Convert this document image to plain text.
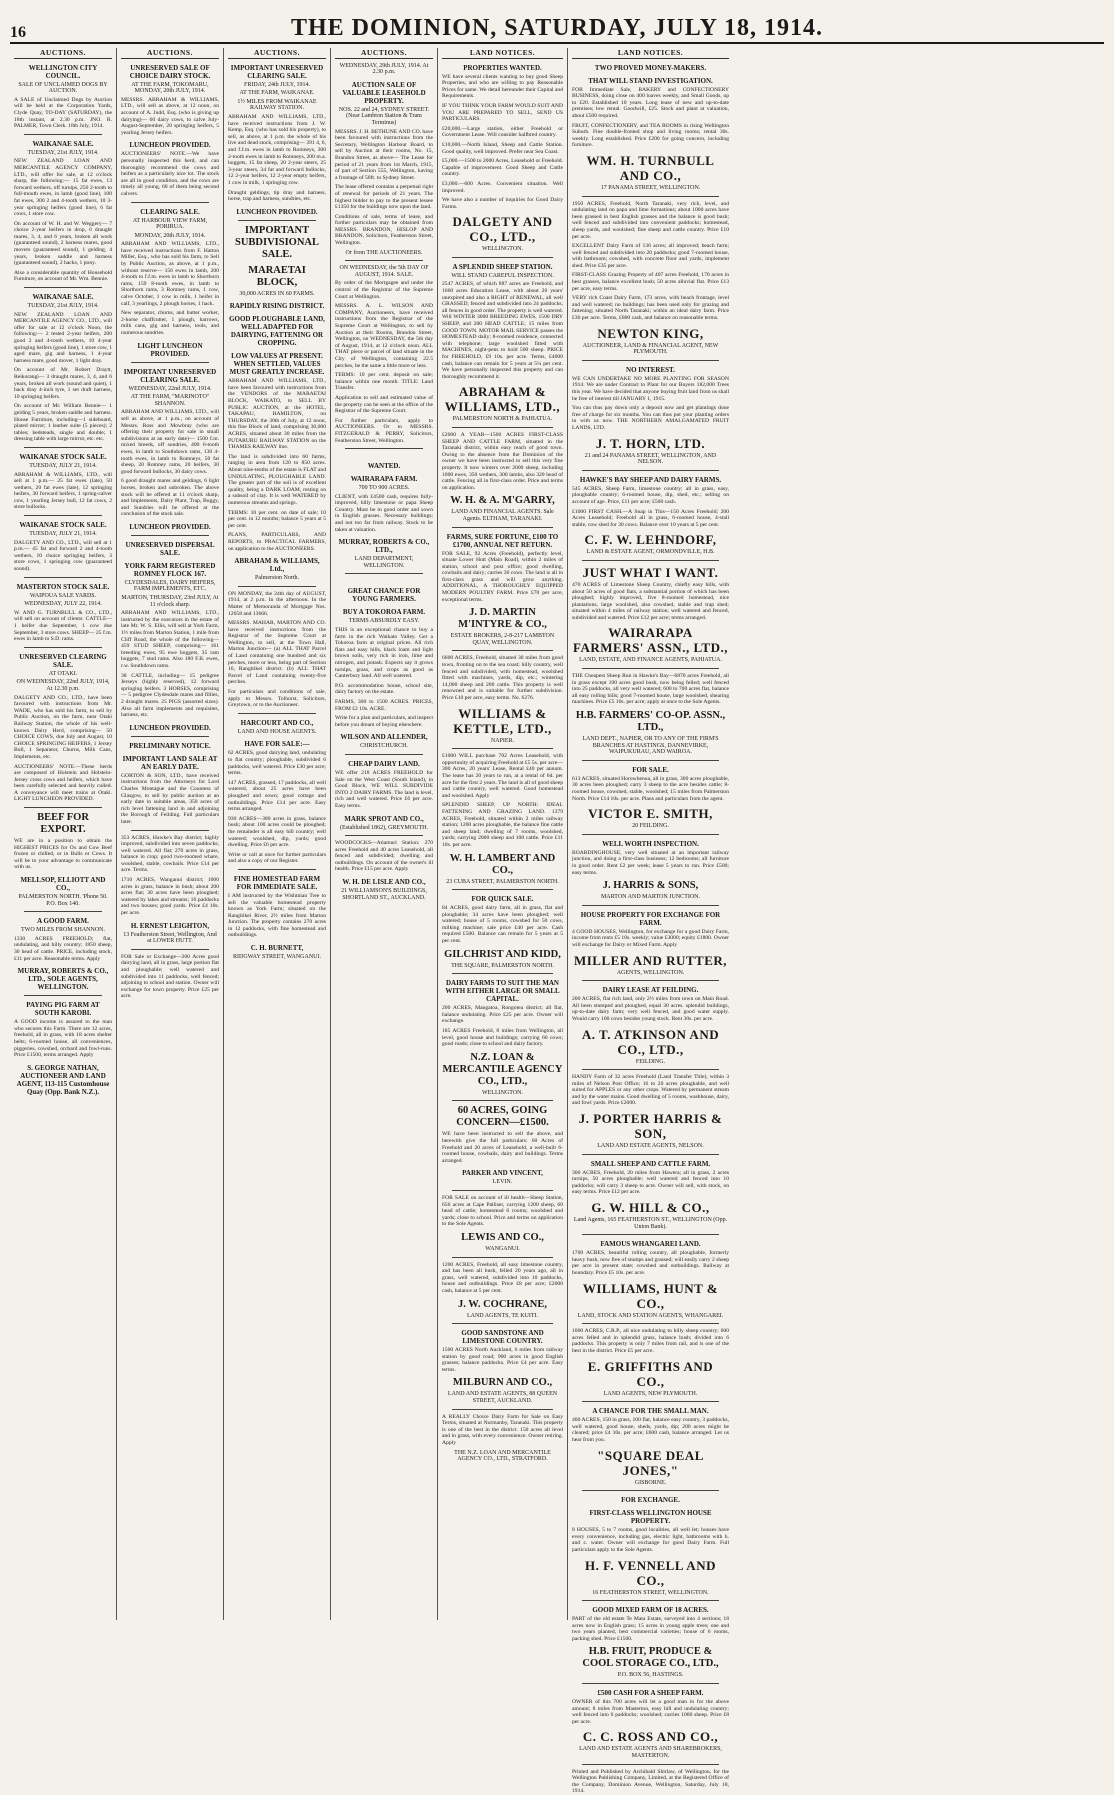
16	THE DOMINION, SATURDAY, JULY 18, 1914.
AUCTIONS.
WELLINGTON CITY COUNCIL.
SALE OF UNCLAIMED DOGS BY AUCTION.
A SALE of Unclaimed Dogs by Auction will be held at the Corporation Yards, Clyde Quay, TO-DAY (SATURDAY), the 18th instant, at 2.30 p.m. JNO. R. PALMER, Town Clerk. 18th July, 1914.
WAIKANAE SALE.
TUESDAY, 21st JULY, 1914.
NEW ZEALAND LOAN AND MERCANTILE AGENCY COMPANY, LTD., will offer for sale, at 12 o'clock sharp, the following:— 15 fat ewes, 13 forward wethers, off turnips, 250 2-tooth to full-mouth ewes, in lamb (good line), 100 fat ewes, 300 2 and 4-tooth wethers, 10 3-year springing heifers (good line), 6 fat cows, 1 store cow.
On account of W. H. and W. Weggery— 7 choice 2-year heifers in drop, 6 draught mares, 3, 4, and 6 years, broken all work (guaranteed sound), 2 harness mares, good movers (guaranteed sound), 1 gelding, 4 years, broken saddle and harness (guaranteed sound), 2 hacks, 1 pony.
Also a considerable quantity of Household Furniture, on account of Mr. Wm. Bennie.
WAIKANAE SALE.
TUESDAY, 21st JULY, 1914.
NEW ZEALAND LOAN AND MERCANTILE AGENCY CO., LTD., will offer for sale at 12 o'clock Noon, the following:— 2 tested 2-year heifers, 200 good 2 and 4-tooth wethers, 10 4-year springing heifers (good line), 1 store cow, 1 aged mare, gig and harness, 1 4-year harness mare, good mover, 1 light dray.
On account of Mr. Robert Draytt, Reikorangi— 3 draught mares, 3, 4, and 6 years, broken all work (sound and quiet), 1 back dray 4-inch tyre, 1 set draft harness, 10 springing heifers.
On account of Mr. William Bennie— 1 gelding 5 years, broken saddle and harness. House Furniture, including—1 sideboard, plated mirror; 1 leather suite (5 pieces); 2 tables; bedsteads, single and double; 1 dressing table with large mirror, etc. etc.
WAIKANAE STOCK SALE.
TUESDAY, JULY 21, 1914.
ABRAHAM & WILLIAMS, LTD., will sell at 1 p.m.— 25 fat ewes (late), 50 wethers, 20 fat ewes (late), 12 springing heifers, 30 forward heifers, 1 spring-calver cow, 1 yearling Jersey bull, 12 fat cows, 2 store bullocks.
WAIKANAE STOCK SALE.
TUESDAY, JULY 21, 1914.
DALGETY AND CO., LTD., will sell at 1 p.m.— 45 fat and forward 2 and 4-tooth wethers, 10 choice springing heifers, 3 store cows, 1 springing cow (guaranteed sound).
MASTERTON STOCK SALE.
WAIPOUA SALE YARDS.
WEDNESDAY, JULY 22, 1914.
W. AND G. TURNBULL & CO., LTD., will sell on account of clients: CATTLE— 1 heifer due September, 1 cow due September, 3 store cows. SHEEP— 25 f.m. ewes in lamb to S.D. rams.
UNRESERVED CLEARING SALE.
AT OTAKI.
ON WEDNESDAY, 22nd JULY, 1914, At 12.30 p.m.
DALGETY AND CO., LTD., have been favoured with instructions from Mr. WADE, who has sold his farm, to sell by Public Auction, on the farm, near Otaki Railway Station, the whole of his well-known Dairy Herd, comprising— 50 CHOICE COWS, due July and August, 10 CHOICE SPRINGING HEIFERS, 1 Jersey Bull, 1 Separator, Churns, Milk Cans, Implements, etc.
AUCTIONEERS' NOTE.—These herds are composed of Holstein and Holstein-Jersey cross cows and heifers, which have been carefully selected and heavily culled. A conveyance will meet trains at Otaki. LIGHT LUNCHEON PROVIDED.
BEEF FOR EXPORT.
WE are in a position to obtain the HIGHEST PRICES for Ox and Cow Beef frozen or chilled, or in Bulls or Cows. It will be to your advantage to communicate with us.
MELLSOP, ELLIOTT AND CO.,
PALMERSTON NORTH. 'Phone 50. P.O. Box 140.
A GOOD FARM.
TWO MILES FROM SHANNON.
1330 ACRES FREEHOLD; flat, undulating, and hilly country; 1850 sheep, 30 head of cattle. PRICE, including stock, £11 per acre. Reasonable terms. Apply
MURRAY, ROBERTS & CO., LTD., SOLE AGENTS, WELLINGTON.
PAYING PIG FARM AT SOUTH KAROBI.
A GOOD income is assured to the man who secures this Farm. There are 12 acres, freehold, all in grass, with 18 acres shelter belts; 6-roomed house, all conveniences, piggeries, cowshed, orchard and fowl-runs. Price £1500, terms arranged. Apply
S. GEORGE NATHAN, AUCTIONEER AND LAND AGENT, 113-115 Customhouse Quay (Opp. Bank N.Z.).
AUCTIONS.
UNRESERVED SALE OF CHOICE DAIRY STOCK.
AT THE FARM, TOKOMARU, MONDAY, 20th JULY, 1914.
MESSRS. ABRAHAM & WILLIAMS, LTD., will sell as above, at 12 noon, on account of A. Judd, Esq. (who is giving up dairying)— 60 dairy cows, to calve July-August-September, 20 springing heifers, 5 yearling Jersey heifers.
LUNCHEON PROVIDED.
AUCTIONEERS' NOTE.—We have personally inspected this herd, and can thoroughly recommend the cows and heifers as a particularly nice lot. The stock are all in good condition, and the cows are timely all young, 60 of them being second calvers.
CLEARING SALE.
AT HARBOUR VIEW FARM, PORIRUA.
MONDAY, 20th JULY, 1914.
ABRAHAM AND WILLIAMS, LTD., have received instructions from F. Hatton Miller, Esq., who has sold his farm, to Sell by Public Auction, as above, at 1 p.m., without reserve— 156 ewes in lamb, 200 4-tooth to f.f.m. ewes in lamb to Shorthorn rams, 159 8-tooth ewes, in lamb to Shorthorn rams, 3 Romney rams, 1 cow, calve October, 1 cow in milk, 1 heifer in calf, 3 yearlings, 2 plough horses, 1 hack.
New separator, churns, and butter worker, 2-horse chaffcutter, 1 plough, harrows, milk cans, gig and harness, tools, and numerous sundries.
LIGHT LUNCHEON PROVIDED.
IMPORTANT UNRESERVED CLEARING SALE.
WEDNESDAY, 22nd JULY, 1914.
AT THE FARM, "MARINOTO" SHANNON.
ABRAHAM AND WILLIAMS, LTD., will sell as above, at 1 p.m., on account of Messrs. Ross and Mowbray (who are offering their property for sale in small subdivisions at an early date)— 1500 f.m. mixed breeds, off sundries, 400 6-tooth ewes, in lamb to Southdown rams, 130 4-tooth ewes, in lamb to Romneys, 50 fat sheep, 20 Romney rams, 20 heifers, 30 good forward bullocks, 30 dairy cows.
6 good draught mares and geldings, 6 light horses, broken and unbroken. The above stock will be offered at 11 o'clock sharp, and Implements, Dairy Plant, Trap, Buggy, and Sundries will be offered at the conclusion of the stock sale.
LUNCHEON PROVIDED.
UNRESERVED DISPERSAL SALE.
YORK FARM REGISTERED ROMNEY FLOCK 167.
CLYDESDALES, DAIRY HEIFERS, FARM IMPLEMENTS, ETC.
MARTON, THURSDAY, 23rd JULY, At 11 o'clock sharp.
ABRAHAM AND WILLIAMS, LTD., instructed by the executors in the estate of late Mr. W. S. Ellis, will sell at York Farm, 1½ miles from Marton Station, 1 mile from Cliff Road, the whole of the following— 459 STUD SHEEP, comprising— 161 breeding ewes, 95 ewe hoggets, 35 ram hoggets, 7 stud rams. Also 180 F.B. ewes, r.w. Southdown rams.
38 CATTLE, including— 15 pedigree Jerseys (highly reserved), 12 forward springing heifers. 3 HORSES, comprising— 5 pedigree Clydesdale mares and fillies, 2 draught mares. 25 PIGS (assorted sizes). Also all farm implements and requisites, harness, etc.
LUNCHEON PROVIDED.
PRELIMINARY NOTICE.
IMPORTANT LAND SALE AT AN EARLY DATE.
GORTON & SON, LTD., have received instructions from the Attorneys for Lord Charles Montague and the Countess of Glasgow, to sell by public auction at an early date in suitable areas, 350 acres of rich level fattening land in and adjoining the Borough of Feilding. Full particulars later.
353 ACRES, Hawke's Bay district; highly improved, subdivided into seven paddocks; well watered. All flat; 270 acres in grass, balance in crop; good two-roomed whare, woolshed, stable, cowbails. Price £14 per acre. Terms.
1710 ACRES, Wanganui district; 1000 acres in grass, balance in bush; about 200 acres flat; 30 acres have been ploughed; watered by lakes and streams; 16 paddocks and two houses; good yards. Price £4 10s. per acre.
H. ERNEST LEIGHTON,
13 Featherston Street, Wellington, And at LOWER HUTT.
FOR Sale or Exchange—200 Acres good dairying land, all in grass, large portion flat and ploughable; well watered and subdivided into 11 paddocks, well fenced; adjoining to school and station. Owner will exchange for town property. Price £25 per acre.
AUCTIONS.
IMPORTANT UNRESERVED CLEARING SALE.
FRIDAY, 24th JULY, 1914.
AT THE FARM, WAIKANAE.
1½ MILES FROM WAIKANAE RAILWAY STATION.
ABRAHAM AND WILLIAMS, LTD., have received instructions from J. W. Kemp, Esq. (who has sold his property), to sell, as above, at 1 p.m. the whole of his live and dead stock, comprising— 391 4, 6, and f.f.m. ewes in lamb to Romneys, 300 2-tooth ewes in lamb to Romneys, 200 m.a. hoggets, 15 fat sheep, 20 2-year steers, 25 3-year steers, 34 fat and forward bullocks, 12 2-year heifers, 12 2-year empty heifers, 1 cow in milk, 1 springing cow.
Draught geldings, tip dray and harness, horse, trap and harness, sundries, etc.
LUNCHEON PROVIDED.
IMPORTANT SUBDIVISIONAL SALE.
MARAETAI BLOCK,
30,000 ACRES IN 60 FARMS.
RAPIDLY RISING DISTRICT.
GOOD PLOUGHABLE LAND, WELL ADAPTED FOR DAIRYING, FATTENING OR CROPPING.
LOW VALUES AT PRESENT. WHEN SETTLED, VALUES MUST GREATLY INCREASE.
ABRAHAM AND WILLIAMS, LTD., have been favoured with instructions from the VENDORS of the MARAETAI BLOCK, WAIKATO, to SELL BY PUBLIC AUCTION, at the HOTEL, TAKAPAU, HAMILTON, on THURSDAY, the 30th of July, at 12 noon, this fine Block of land, comprising 30,000 ACRES, situated about 30 miles from the PUTARURU RAILWAY STATION on the THAMES RAILWAY line.
The land is subdivided into 60 farms, ranging in area from 120 to 850 acres. About nine-tenths of the estate is FLAT and UNDULATING, PLOUGHABLE LAND. The greater part of the soil is of excellent quality, being a DARK LOAM, resting on a subsoil of clay. It is well WATERED by numerous streams and springs.
TERMS: 10 per cent. on date of sale; 10 per cent. in 12 months; balance 5 years at 5 per cent.
PLANS, PARTICULARS, AND REPORTS, to PRACTICAL FARMERS, on application to the AUCTIONEERS.
ABRAHAM & WILLIAMS, Ltd.,
Palmerston North.
ON MONDAY, the 24th day of AUGUST, 1914, at 2 p.m. In the afternoon. In the Matter of Memoranda of Mortgage Nos. 12658 and 13666.
MESSRS. MAHAR, MARTON AND CO. have received instructions from the Registrar of the Supreme Court at Wellington, to sell, at the Town Hall, Marton Junction— (a) ALL THAT Parcel of Land containing one hundred and six perches, more or less, being part of Section 16, Rangitikei district. (b) ALL THAT Parcel of Land containing twenty-five perches.
For particulars and conditions of sale, apply to Messrs. Tolhurst, Solicitors, Greytown, or to the Auctioneer.
HARCOURT AND CO.,
LAND AND HOUSE AGENTS.
HAVE FOR SALE:—
62 ACRES, good dairying land, undulating to flat country; ploughable, subdivided 6 paddocks, well watered. Price £30 per acre; terms.
147 ACRES, grassed, 17 paddocks, all well watered, about 25 acres have been ploughed and sown; good cottage and outbuildings. Price £14 per acre. Easy terms arranged.
930 ACRES—380 acres in grass, balance bush; about 100 acres could be ploughed; the remainder is all easy hill country; well watered; woolshed, dip, yards; good dwelling. Price £6 per acre.
Write or call at once for further particulars and also a copy of our Register.
FINE HOMESTEAD FARM FOR IMMEDIATE SALE.
I AM instructed by the Wishtnian Tree to sell the valuable homestead property known as York Farm; situated on the Rangitikei River, 2½ miles from Marton Junction. The property contains 270 acres in 12 paddocks, with fine homestead and outbuildings.
C. H. BURNETT,
RIDGWAY STREET, WANGANUI.
AUCTIONS.
WEDNESDAY, 29th JULY, 1914. At 2.30 p.m.
AUCTION SALE OF VALUABLE LEASEHOLD PROPERTY.
NOS. 22 and 24, SYDNEY STREET. (Near Lambton Station & Tram Terminus)
MESSRS. J. H. BETHUNE AND CO. have been favoured with instructions from the Secretary, Wellington Harbour Board, to sell by Auction at their rooms, No. 15, Brandon Street, as above— The Lease for period of 21 years from 1st March, 1915, of part of Section 555, Wellington, having a frontage of 50ft. to Sydney Street.
The lease offered contains a perpetual right of renewal for periods of 21 years. The highest bidder to pay to the present lessee £1350 for the buildings now upon the land.
Conditions of sale, terms of lease, and further particulars may be obtained from MESSRS. BRANDON, HISLOP AND BRANDON, Solicitors, Featherston Street, Wellington.
Or from THE AUCTIONEERS.
ON WEDNESDAY, the 5th DAY OF AUGUST, 1914. SALE.
By order of the Mortgagee and under the control of the Registrar of the Supreme Court at Wellington.
MESSRS. A. L. WILSON AND COMPANY, Auctioneers, have received instructions from the Registrar of the Supreme Court at Wellington, to sell by Auction at their Rooms, Brandon Street, Wellington, on WEDNESDAY, the 5th day of August, 1914, at 12 o'clock noon. ALL THAT piece or parcel of land situate in the City of Wellington, containing 22.5 perches, be the same a little more or less.
TERMS: 10 per cent. deposit on sale; balance within one month. TITLE: Land Transfer.
Application to sell and estimated value of the property can be seen at the office of the Registrar of the Supreme Court.
For further particulars, apply to AUCTIONEERS. Or to MESSRS. FITZGERALD & PERRY, Solicitors, Featherston Street, Wellington.
WANTED.
WAIRARAPA FARM.
700 TO 900 ACRES.
CLIENT, with £4500 cash, requires fully-improved, hilly limestone or papa Sheep Country. Must be in good order and sown in English grasses. Necessary buildings; and not too far from railway. Stock to be taken at valuation.
MURRAY, ROBERTS & CO., LTD.,
LAND DEPARTMENT, WELLINGTON.
GREAT CHANCE FOR YOUNG FARMERS.
BUY A TOKOROA FARM.
TERMS ABSURDLY EASY.
THIS is an exceptional chance to buy a farm in the rich Waikato Valley. Get a Tokoroa farm at original prices. All rich flats and easy hills, black loam and light brown soils, very rich in iron, lime and nitrogen, and potash. Expects say it grows turnips, grass, and crops as good as Canterbury land. All well watered.
P.O. accommodation house, school site, dairy factory on the estate.
FARMS, 300 to 1500 ACRES. PRICES, FROM £2 10s. ACRE.
Write for a plan and particulars, and inspect before you dream of buying elsewhere.
WILSON AND ALLENDER,
CHRISTCHURCH.
CHEAP DAIRY LAND.
WE offer 218 ACRES FREEHOLD for Sale on the West Coast (South Island), in Good Block, WE WILL SUBDIVIDE INTO 2 DAIRY FARMS. The land is level, rich and well watered. Price £6 per acre. Easy terms.
MARK SPROT AND CO.,
(Established 1862), GREYMOUTH.
WOODCOCKS—Atiamuri Station: 270 acres Freehold and 40 acres Leasehold, all fenced and subdivided; dwelling and outbuildings. On account of the owner's ill health. Price £15 per acre. Apply
W. H. DE LISLE AND CO.,
21 WILLIAMSON'S BUILDINGS, SHORTLAND ST., AUCKLAND.
LAND NOTICES.
PROPERTIES WANTED.
WE have several clients wanting to buy good Sheep Properties, and who are willing to pay Reasonable Prices for same. We detail hereunder their Capital and Requirements.
IF YOU THINK YOUR FARM WOULD SUIT AND YOU ARE PREPARED TO SELL, SEND US PARTICULARS.
£20,000.—Large station, either Freehold or Government Lease. Will consider halfbred country.
£10,000.—North Island, Sheep and Cattle Station. Good quality, well improved. Prefer near Sea Coast.
£5,000.—1500 to 2000 Acres, Leasehold or Freehold. Capable of improvement. Good Sheep and Cattle country.
£3,000.—600 Acres. Convenient situation. Well improved.
We have also a number of inquiries for Good Dairy Farms.
DALGETY AND CO., LTD.,
WELLINGTON.
A SPLENDID SHEEP STATION.
WILL STAND CAREFUL INSPECTION.
2547 ACRES, of which 887 acres are Freehold, and 1660 acres Education Lease, with about 20 years' unexpired and also a RIGHT of RENEWAL, all well GRASSED, fenced and subdivided into 24 paddocks, all fences in good order. The property is well watered. Will WINTER 3000 BREEDING EWES, 1500 DRY SHEEP, and 200 HEAD CATTLE; 15 miles from GOOD TOWN. MOTOR MAIL SERVICE passes the HOMESTEAD daily; 8-roomed residence, connected with telephone; large woolshed fitted with MACHINES, night-pens to hold 500 sheep. PRICE for FREEHOLD, £9 10s. per acre. Terms, £4000 cash, balance can remain for 5 years at 5¼ per cent. We have personally inspected this property and can thoroughly recommend it.
ABRAHAM & WILLIAMS, LTD.,
PALMERSTON NORTH & PAHIATUA.
£2000 A YEAR—1500 ACRES FIRST-CLASS SHEEP AND CATTLE FARM, situated in the Taranaki district, within easy reach of good town. Owing to the absence from the Dominion of the owner we have been instructed to sell this very fine property. It now winters over 2000 sheep, including 1000 ewes, 350 wethers, 300 lambs, also 320 head of cattle. Fencing all in first-class order. Price and terms on application.
W. H. & A. M'GARRY,
LAND AND FINANCIAL AGENTS. Sale Agents. ELTHAM, TARANAKI.
FARMS, SURE FORTUNE, £100 TO £1700, ANNUAL NET RETURN.
FOR SALE, 92 Acres (Freehold), perfectly level, situate Lower Hutt (Main Road), within 2 miles of station, school and post office; good dwelling, cowbails and dairy; carries 30 cows. The land is all in first-class grass and will grow anything. ADDITIONAL, A THOROUGHLY EQUIPPED MODERN POULTRY FARM. Price £70 per acre, exceptional terms.
J. D. MARTIN M'INTYRE & CO.,
ESTATE BROKERS, 2-8-217 LAMBTON QUAY, WELLINGTON.
6600 ACRES, Freehold, situated 30 miles from good town, fronting on to the sea coast; hilly country, well fenced and subdivided, with homestead, woolshed fitted with machines, yards, dip, etc.; wintering 14,000 sheep and 200 cattle. This property is well renowned and is suitable for further subdivision. Price £10 per acre, easy terms. No. 6276.
WILLIAMS & KETTLE, LTD.,
NAPIER.
£1000 WILL purchase 702 Acres Leasehold, with opportunity of acquiring Freehold at £5 5s. per acre—300 Acres, 20 years' Lease, Rental £40 per annum. The lease has 20 years to run, at a rental of 6d. per acre for the first 2 years. The land is all of good sheep and cattle country, well watered. Good homestead and woolshed. Apply
SPLENDID SHEEP, UP NORTH: IDEAL FATTENING AND GRAZING LAND. 1379 ACRES, Freehold, situated within 2 miles railway station; 1200 acres ploughable, the balance fine cattle and sheep land; dwelling of 7 rooms, woolshed, yards; carrying 2000 sheep and 100 cattle. Price £11 10s. per acre.
W. H. LAMBERT AND CO.,
23 CUBA STREET, PALMERSTON NORTH.
FOR QUICK SALE.
84 ACRES, good dairy farm, all in grass, flat and ploughable; 34 acres have been ploughed; well watered; house of 5 rooms, cowshed for 50 cows, milking machine; sale price £40 per acre. Cash required £500. Balance can remain for 5 years at 5 per cent.
GILCHRIST AND KIDD,
THE SQUARE, PALMERSTON NORTH.
DAIRY FARMS TO SUIT THE MAN WITH EITHER LARGE OR SMALL CAPITAL.
200 ACRES, Mangatoa, Rongotea district; all flat, balance undulating. Price £25 per acre. Owner will exchange.
185 ACRES Freehold, 8 miles from Wellington, all level, good house and buildings; carrying 60 cows; good roads; close to school and dairy factory.
N.Z. LOAN & MERCANTILE AGENCY CO., LTD.,
WELLINGTON.
60 ACRES, GOING CONCERN—£1500.
WE have been instructed to sell the above, and herewith give the full particulars: 60 Acres of Freehold and 20 acres of Leasehold, a well-built 6-roomed house, cowbails, dairy and buildings. Terms arranged.
PARKER AND VINCENT,
LEVIN.
FOR SALE on account of ill health—Sheep Station, 650 acres at Cape Palliser, carrying 1200 sheep, 60 head of cattle; homestead 6 rooms; woolshed and yards; close to school. Price and terms on application to the Sole Agents.
LEWIS AND CO.,
WANGANUI.
1200 ACRES, Freehold, all easy limestone country, and has been all bush, felled 20 years ago, all in grass, well watered, subdivided into 10 paddocks, house and outbuildings. Price £8 per acre; £2000 cash, balance at 5 per cent.
J. W. COCHRANE,
LAND AGENTS, TE KUITI.
GOOD SANDSTONE AND LIMESTONE COUNTRY.
1500 ACRES North Auckland, 6 miles from railway station by good road; 900 acres in good English grasses; balance paddocks. Price £4 per acre. Easy terms.
MILBURN AND CO.,
LAND AND ESTATE AGENTS, 88 QUEEN STREET, AUCKLAND.
A REALLY Choice Dairy Farm for Sale on Easy Terms, situated at Normanby, Taranaki. This property is one of the best in the district. 150 acres all level and in grass, with every convenience. Owner retiring. Apply
THE N.Z. LOAN AND MERCANTILE AGENCY CO., LTD., STRATFORD.
LAND NOTICES.
TWO PROVED MONEY-MAKERS.
THAT WILL STAND INVESTIGATION.
FOR Immediate Sale, BAKERY and CONFECTIONERY BUSINESS, doing close on 400 loaves weekly, and Small Goods, up to £20. Established 10 years. Long lease of new and up-to-date premises; low rental. Goodwill, £25. Stock and plant at valuation, about £500 required.
FRUIT, CONFECTIONERY, and TEA ROOMS in rising Wellington Suburb. Fine double-fronted shop and living rooms; rental 30s. weekly. Long established. Price £200 for going concern, including furniture.
WM. H. TURNBULL AND CO.,
17 PANAMA STREET, WELLINGTON.
1950 ACRES, Freehold, North Taranaki, very rich, level, and undulating land on papa and lime formations; about 1000 acres have been grassed in best English grasses and the balance is good bush; well fenced and subdivided into convenient paddocks; homestead, sheep yards, and woolshed; fine sheep and cattle country. Price £10 per acre.
EXCELLENT Dairy Farm of 136 acres; all improved; beach farm; well fenced and subdivided into 20 paddocks; good 7-roomed house, with bathroom; cowshed, with concrete floor and yards, implement shed. Price £35 per acre.
FIRST-CLASS Grazing Property of 407 acres Freehold, 170 acres in best grasses, balance excellent bush; 50 acres alluvial flat. Price £13 per acre, easy terms.
VERY rich Coast Dairy Farm, 173 acres, with beach frontage, level and well watered; no buildings; has been used only for grazing and fattening; situated North Taranaki; within an ideal dairy farm. Price £30 per acre. Terms, £800 cash, and balance on reasonable terms.
NEWTON KING,
AUCTIONEER, LAND & FINANCIAL AGENT, NEW PLYMOUTH.
NO INTEREST.
WE CAN UNDERTAKE NO MORE PLANTING FOR SEASON 1914. We are under Contract to Plant for our Buyers 182,000 Trees this year. We have decided that anyone buying fruit land from us shall be free of interest till JANUARY 1, 1915.
You can thus pay down only a deposit now and get plantings done free of charge for six months. You can thus put your planting orders in with us now. THE NORTHERN AMALGAMATED FRUIT LANDS, LTD.
J. T. HORN, LTD.
21 and 24 PANAMA STREET, WELLINGTON, AND NELSON.
HAWKE'S BAY SHEEP AND DAIRY FARMS.
545 ACRES, Sheep Farm, limestone country; all in grass, easy, ploughable country; 6-roomed house, dip, shed, etc.; selling on account of age. Price, £11 per acre; £500 cash.
£1000 FIRST CASH.—A Snap in This—150 Acres Freehold; 200 Acres Leasehold; Freehold all in grass, 6-roomed house, 4-stall stable, cow shed for 30 cows. Balance over 10 years at 5 per cent.
C. F. W. LEHNDORF,
LAND & ESTATE AGENT, ORMONDVILLE, H.B.
JUST WHAT I WANT.
470 ACRES of Limestone Sheep Country, chiefly easy hills, with about 50 acres of good flats, a substantial portion of which has been ploughed; highly improved, five 8-roomed homestead, nice plantations, large woolshed, also cowshed, stable and trap shed; situated within 4 miles of railway station; well watered and fenced, subdivided and watered. Price £12 per acre; terms arranged.
WAIRARAPA FARMERS' ASSN., LTD.,
LAND, ESTATE, AND FINANCE AGENTS, PAHIATUA.
THE Cheapest Sheep Run in Hawke's Bay—6870 acres Freehold, all in grass except 190 acres good bush, now being felled; well fenced into 25 paddocks, all very well watered; 600 to 700 acres flat, balance all easy rolling hills; good 7-roomed house, large woolshed, shearing machines. Price £5 10s. per acre; apply at once to the Sole Agents.
H.B. FARMERS' CO-OP. ASSN., LTD.,
LAND DEPT., NAPIER, OR TO ANY OF THE FIRM'S BRANCHES AT HASTINGS, DANNEVIRKE, WAIPUKURAU, AND WAIROA.
FOR SALE.
613 ACRES, situated Horowhenua, all in grass, 300 acres ploughable, 30 acres been ploughed; carry 3 sheep to the acre besides cattle; 8-roomed house, cowshed, stable, woolshed; 15 miles from Palmerston North. Price £14 10s. per acre. Plans and particulars from the agent.
VICTOR E. SMITH,
20 FEILDING.
WELL WORTH INSPECTION.
BOARDINGHOUSE, very well situated at an important railway junction, and doing a first-class business; 12 bedrooms; all furniture in good order. Rent £2 per week; lease 5 years to run. Price £500; easy terms.
J. HARRIS & SONS,
MARTON AND MARTON JUNCTION.
HOUSE PROPERTY FOR EXCHANGE FOR FARM.
4 GOOD HOUSES, Wellington, for exchange for a good Dairy Farm, income from rents £5 10s. weekly; value £3000; equity £1800. Owner will exchange for Dairy or Mixed Farm. Apply
MILLER AND RUTTER,
AGENTS, WELLINGTON.
DAIRY LEASE AT FEILDING.
200 ACRES, flat rich land, only 2½ miles from town on Main Road. All been stumped and ploughed, equal 30 acres. splendid buildings, up-to-date dairy farm; very well fenced, and good water supply. Would carry 100 cows besides young stock. Rent 30s. per acre.
A. T. ATKINSON AND CO., LTD.,
FEILDING.
HANDY Farm of 32 acres Freehold (Land Transfer Title), within 3 miles of Nelson Post Office; 16 to 20 acres ploughable, and well suited for APPLES or any other crops. Watered by permanent stream and by the water mains. Good dwelling of 5 rooms, washhouse, dairy, and fowl yards. Price £2000.
J. PORTER HARRIS & SON,
LAND AND ESTATE AGENTS, NELSON.
SMALL SHEEP AND CATTLE FARM.
300 ACRES, Freehold, 20 miles from Hawera; all in grass, 2 acres turnips, 50 acres ploughable; well watered and fenced into 10 paddocks; will carry 3 sheep to acre. Owner will sell, with stock, on easy terms. Price £12 per acre.
G. W. HILL & CO.,
Land Agents, 165 FEATHERSTON ST., WELLINGTON (Opp. Union Bank).
FAMOUS WHANGAREI LAND.
1700 ACRES, beautiful rolling country, all ploughable, formerly heavy bush, now free of stumps and grassed; will easily carry 2 sheep per acre in present state; cowshed and outbuildings. Railway at boundary. Price £5 10s. per acre.
WILLIAMS, HUNT & CO.,
LAND, STOCK AND STATION AGENTS, WHANGAREI.
1000 ACRES, C.R.P., all nice undulating to hilly sheep country; 600 acres felled and in splendid grass, balance bush; divided into 6 paddocks. This property is only 7 miles from rail, and is one of the best in the district. Price £5 per acre.
E. GRIFFITHS AND CO.,
LAND AGENTS, NEW PLYMOUTH.
A CHANCE FOR THE SMALL MAN.
400 ACRES, 150 in grass, 100 flat, balance easy country, 3 paddocks, well watered, good house, sheds, yards, dip; 200 acres might be cleared; price £4 10s. per acre; £600 cash, balance arranged. Let us hear from you.
"SQUARE DEAL JONES,"
GISBORNE.
FOR EXCHANGE.
FIRST-CLASS WELLINGTON HOUSE PROPERTY.
8 HOUSES, 5 to 7 rooms, good localities, all well let; houses have every convenience, including gas, electric light, bathrooms with h. and c. water. Owner will exchange for good Dairy Farm. Full particulars apply to the Sole Agents.
H. F. VENNELL AND CO.,
16 FEATHERSTON STREET, WELLINGTON.
GOOD MIXED FARM OF 18 ACRES.
PART of the old estate Te Mata Estate, surveyed into 4 sections; 18 acres now in English grass; 15 acres in young apple trees; one and two years planted, best commercial varieties; house of 6 rooms, packing shed. Price £1500.
H.B. FRUIT, PRODUCE & COOL STORAGE CO., LTD.,
P.O. BOX 56, HASTINGS.
£500 CASH FOR A SHEEP FARM.
OWNER of this 700 acres will let a good man in for the above amount; 8 miles from Masterton, easy hill and undulating country; well fenced into 6 paddocks; woolshed; carries 1000 sheep. Price £8 per acre.
C. C. ROSS AND CO.,
LAND AND ESTATE AGENTS AND SHAREBROKERS, MASTERTON.
Printed and Published by Archibald Shirlaw, of Wellington, for the Wellington Publishing Company, Limited, at the Registered Office of the Company, Dominion Avenue, Wellington, Saturday, July 18, 1914.
